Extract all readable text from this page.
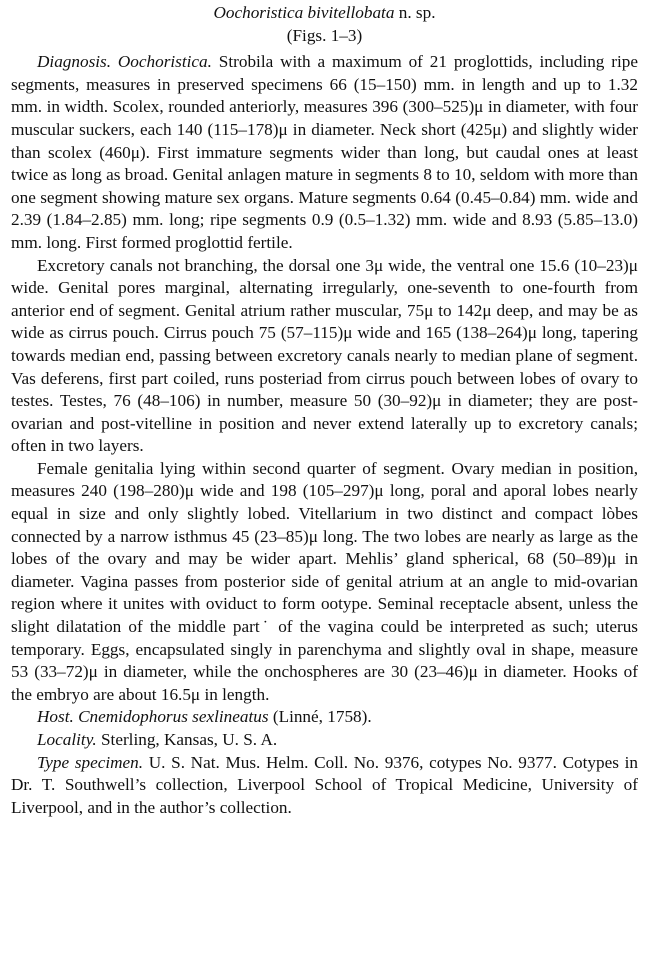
Oochoristica bivitellobata n. sp.
(Figs. 1–3)

Diagnosis. Oochoristica. Strobila with a maximum of 21 proglottids, including ripe segments, measures in preserved specimens 66 (15–150) mm. in length and up to 1.32 mm. in width. Scolex, rounded anteriorly, measures 396 (300–525)μ in diameter, with four muscular suckers, each 140 (115–178)μ in diameter. Neck short (425μ) and slightly wider than scolex (460μ). First immature segments wider than long, but caudal ones at least twice as long as broad. Genital anlagen mature in segments 8 to 10, seldom with more than one segment showing mature sex organs. Mature segments 0.64 (0.45–0.84) mm. wide and 2.39 (1.84–2.85) mm. long; ripe segments 0.9 (0.5–1.32) mm. wide and 8.93 (5.85–13.0) mm. long. First formed proglottid fertile.

Excretory canals not branching, the dorsal one 3μ wide, the ventral one 15.6 (10–23)μ wide. Genital pores marginal, alternating irregularly, one-seventh to one-fourth from anterior end of segment. Genital atrium rather muscular, 75μ to 142μ deep, and may be as wide as cirrus pouch. Cirrus pouch 75 (57–115)μ wide and 165 (138–264)μ long, tapering towards median end, passing between excretory canals nearly to median plane of segment. Vas deferens, first part coiled, runs posteriad from cirrus pouch between lobes of ovary to testes. Testes, 76 (48–106) in number, measure 50 (30–92)μ in diameter; they are post-ovarian and post-vitelline in position and never extend laterally up to excretory canals; often in two layers.

Female genitalia lying within second quarter of segment. Ovary median in position, measures 240 (198–280)μ wide and 198 (105–297)μ long, poral and aporal lobes nearly equal in size and only slightly lobed. Vitellarium in two distinct and compact lòbes connected by a narrow isthmus 45 (23–85)μ long. The two lobes are nearly as large as the lobes of the ovary and may be wider apart. Mehlis’ gland spherical, 68 (50–89)μ in diameter. Vagina passes from posterior side of genital atrium at an angle to mid-ovarian region where it unites with oviduct to form ootype. Seminal receptacle absent, unless the slight dilatation of the middle part˙ of the vagina could be interpreted as such; uterus temporary. Eggs, encapsulated singly in parenchyma and slightly oval in shape, measure 53 (33–72)μ in diameter, while the onchospheres are 30 (23–46)μ in diameter. Hooks of the embryo are about 16.5μ in length.

Host. Cnemidophorus sexlineatus (Linné, 1758).

Locality. Sterling, Kansas, U. S. A.

Type specimen. U. S. Nat. Mus. Helm. Coll. No. 9376, cotypes No. 9377. Cotypes in Dr. T. Southwell’s collection, Liverpool School of Tropical Medicine, University of Liverpool, and in the author’s collection.
